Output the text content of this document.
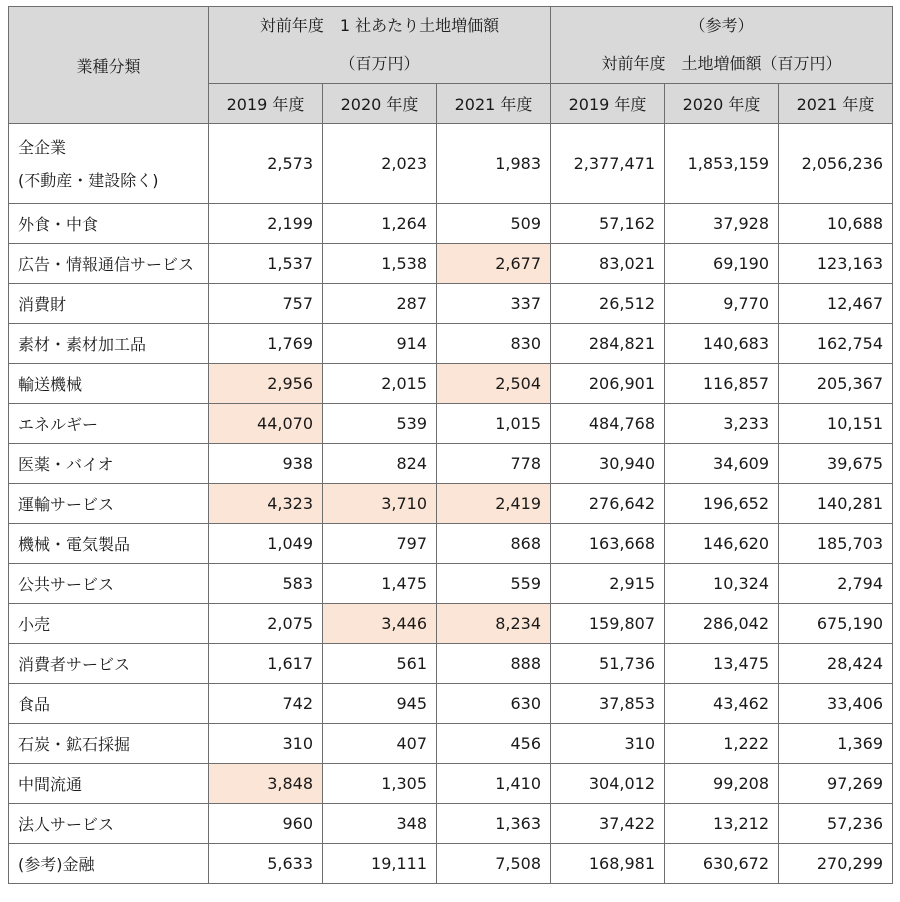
業種分類	対前年度　1 社あたり土地増価額
（百万円）			（参考）
対前年度　土地増価額（百万円）		

	2019 年度	2020 年度	2021 年度	2019 年度	2020 年度	2021 年度

全企業
(不動産・建設除く)	2,573	2,023	1,983	2,377,471	1,853,159	2,056,236
外食・中食	2,199	1,264	509	57,162	37,928	10,688
広告・情報通信サービス	1,537	1,538	2,677	83,021	69,190	123,163
消費財	757	287	337	26,512	9,770	12,467
素材・素材加工品	1,769	914	830	284,821	140,683	162,754
輸送機械	2,956	2,015	2,504	206,901	116,857	205,367
エネルギー	44,070	539	1,015	484,768	3,233	10,151
医薬・バイオ	938	824	778	30,940	34,609	39,675
運輸サービス	4,323	3,710	2,419	276,642	196,652	140,281
機械・電気製品	1,049	797	868	163,668	146,620	185,703
公共サービス	583	1,475	559	2,915	10,324	2,794
小売	2,075	3,446	8,234	159,807	286,042	675,190
消費者サービス	1,617	561	888	51,736	13,475	28,424
食品	742	945	630	37,853	43,462	33,406
石炭・鉱石採掘	310	407	456	310	1,222	1,369
中間流通	3,848	1,305	1,410	304,012	99,208	97,269
法人サービス	960	348	1,363	37,422	13,212	57,236
(参考)金融	5,633	19,111	7,508	168,981	630,672	270,299
